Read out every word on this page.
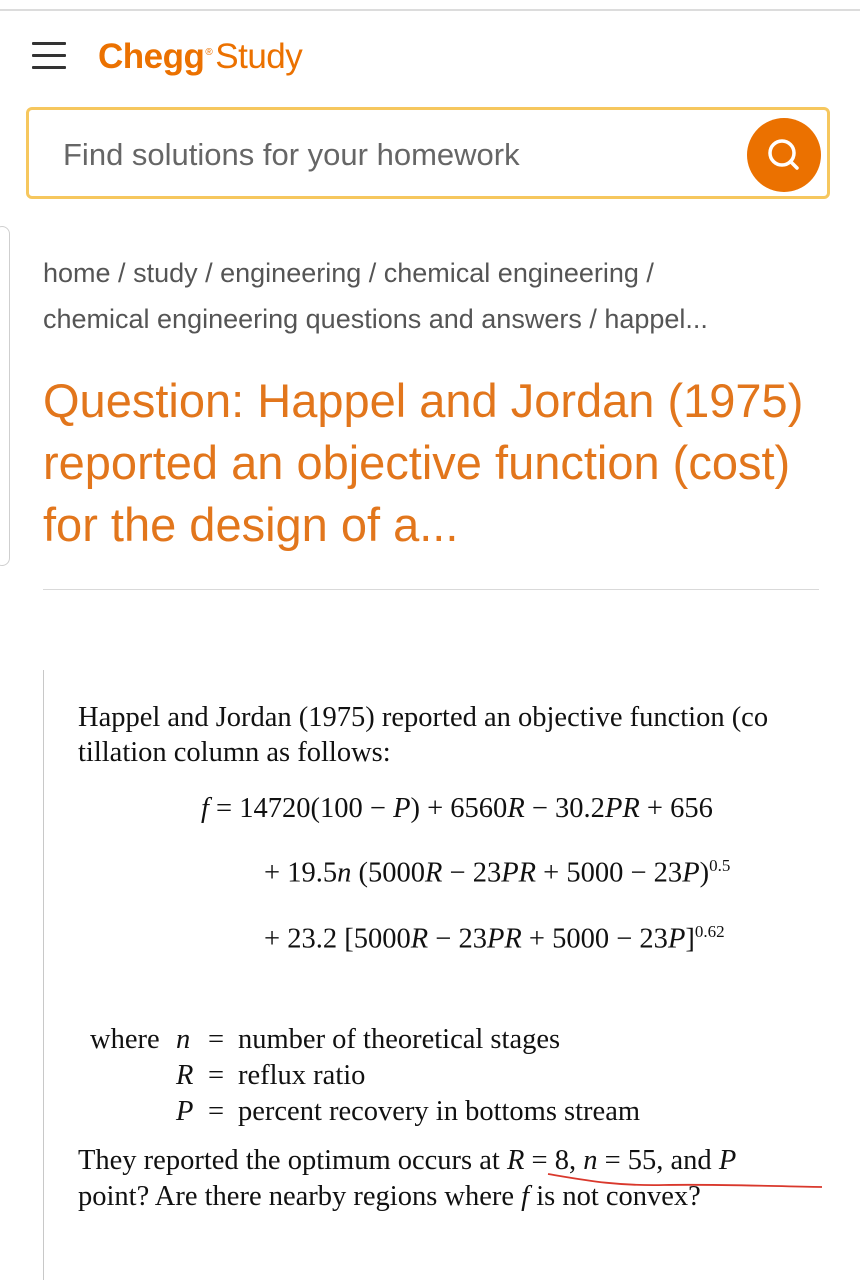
Chegg®Study
Find solutions for your homework
home / study / engineering / chemical engineering /
chemical engineering questions and answers / happel...
Question: Happel and Jordan (1975) reported an objective function (cost) for the design of a...
Happel and Jordan (1975) reported an objective function (co
tillation column as follows:
f = 14720(100 − P) + 6560R − 30.2PR + 656
+ 19.5n $(5000R - 23PR + 5000 - 23P)^{0.5}$
+ 23.2 $[5000R - 23PR + 5000 - 23P]^{0.62}$
where n = number of theoretical stages
R = reflux ratio
P = percent recovery in bottoms stream
They reported the optimum occurs at R = 8, n = 55, and P
point? Are there nearby regions where f is not convex?
